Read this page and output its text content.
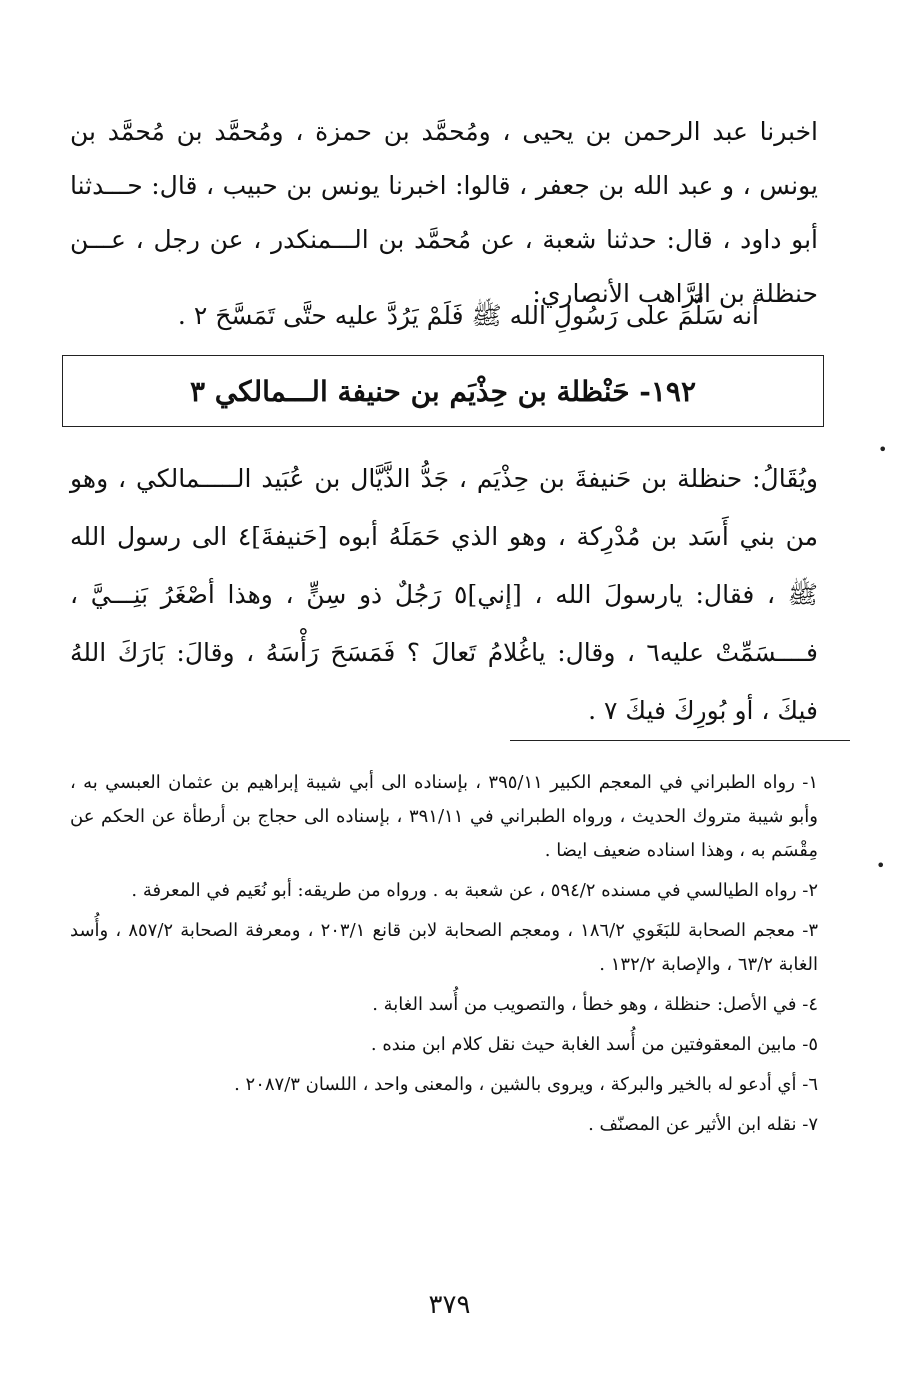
اخبرنا عبد الرحمن بن يحيى ، ومُحمَّد بن حمزة ، ومُحمَّد بن مُحمَّد بن يونس ، و عبد الله بن جعفر ، قالوا: اخبرنا يونس بن حبيب ، قال: حـــدثنا أبو داود ، قال: حدثنا شعبة ، عن مُحمَّد بن الـــمنكدر ، عن رجل ، عـــن حنظلة بن الرَّاهب الأنصاري:

أنه سَلَّمَ على رَسُولِ الله ﷺ فَلَمْ يَرُدَّ عليه حتَّى تَمَسَّحَ ٢ .
١٩٢- حَنْظلة بن حِذْيَم بن حنيفة الـــمالكي ٣

ويُقَالُ: حنظلة بن حَنيفةَ بن حِذْيَم ، جَدُّ الذَّيَّال بن عُبَيد الـــــمالكي ، وهو من بني أَسَد بن مُدْرِكة ، وهو الذي حَمَلَهُ أبوه [حَنيفةَ]٤ الى رسول الله ﷺ ، فقال: يارسولَ الله ، [إني]٥ رَجُلٌ ذو سِنٍّ ، وهذا أصْغَرُ بَنِـــيَّ ، فــــسَمِّتْ عليه٦ ، وقال: ياغُلامُ تَعالَ ؟ فَمَسَحَ رَأْسَهُ ، وقالَ: بَارَكَ اللهُ فيكَ ، أو بُورِكَ فيكَ ٧ .

١- رواه الطبراني في المعجم الكبير ٣٩٥/١١ ، بإسناده الى أبي شيبة إبراهيم بن عثمان العبسي به ، وأبو شيبة متروك الحديث ، ورواه الطبراني في ٣٩١/١١ ، بإسناده الى حجاج بن أرطأة عن الحكم عن مِقْسَم به ، وهذا اسناده ضعيف ايضا .

٢- رواه الطيالسي في مسنده ٥٩٤/٢ ، عن شعبة به . ورواه من طريقه: أبو نُعَيم في المعرفة .

٣- معجم الصحابة للبَغَوي ١٨٦/٢ ، ومعجم الصحابة لابن قانع ٢٠٣/١ ، ومعرفة الصحابة ٨٥٧/٢ ، وأُسد الغابة ٦٣/٢ ، والإصابة ١٣٢/٢ .

٤- في الأصل: حنظلة ، وهو خطأ ، والتصويب من أُسد الغابة .

٥- مابين المعقوفتين من أُسد الغابة حيث نقل كلام ابن منده .

٦- أي أدعو له بالخير والبركة ، ويروى بالشين ، والمعنى واحد ، اللسان ٢٠٨٧/٣ .

٧- نقله ابن الأثير عن المصنّف .

٣٧٩
•
•
